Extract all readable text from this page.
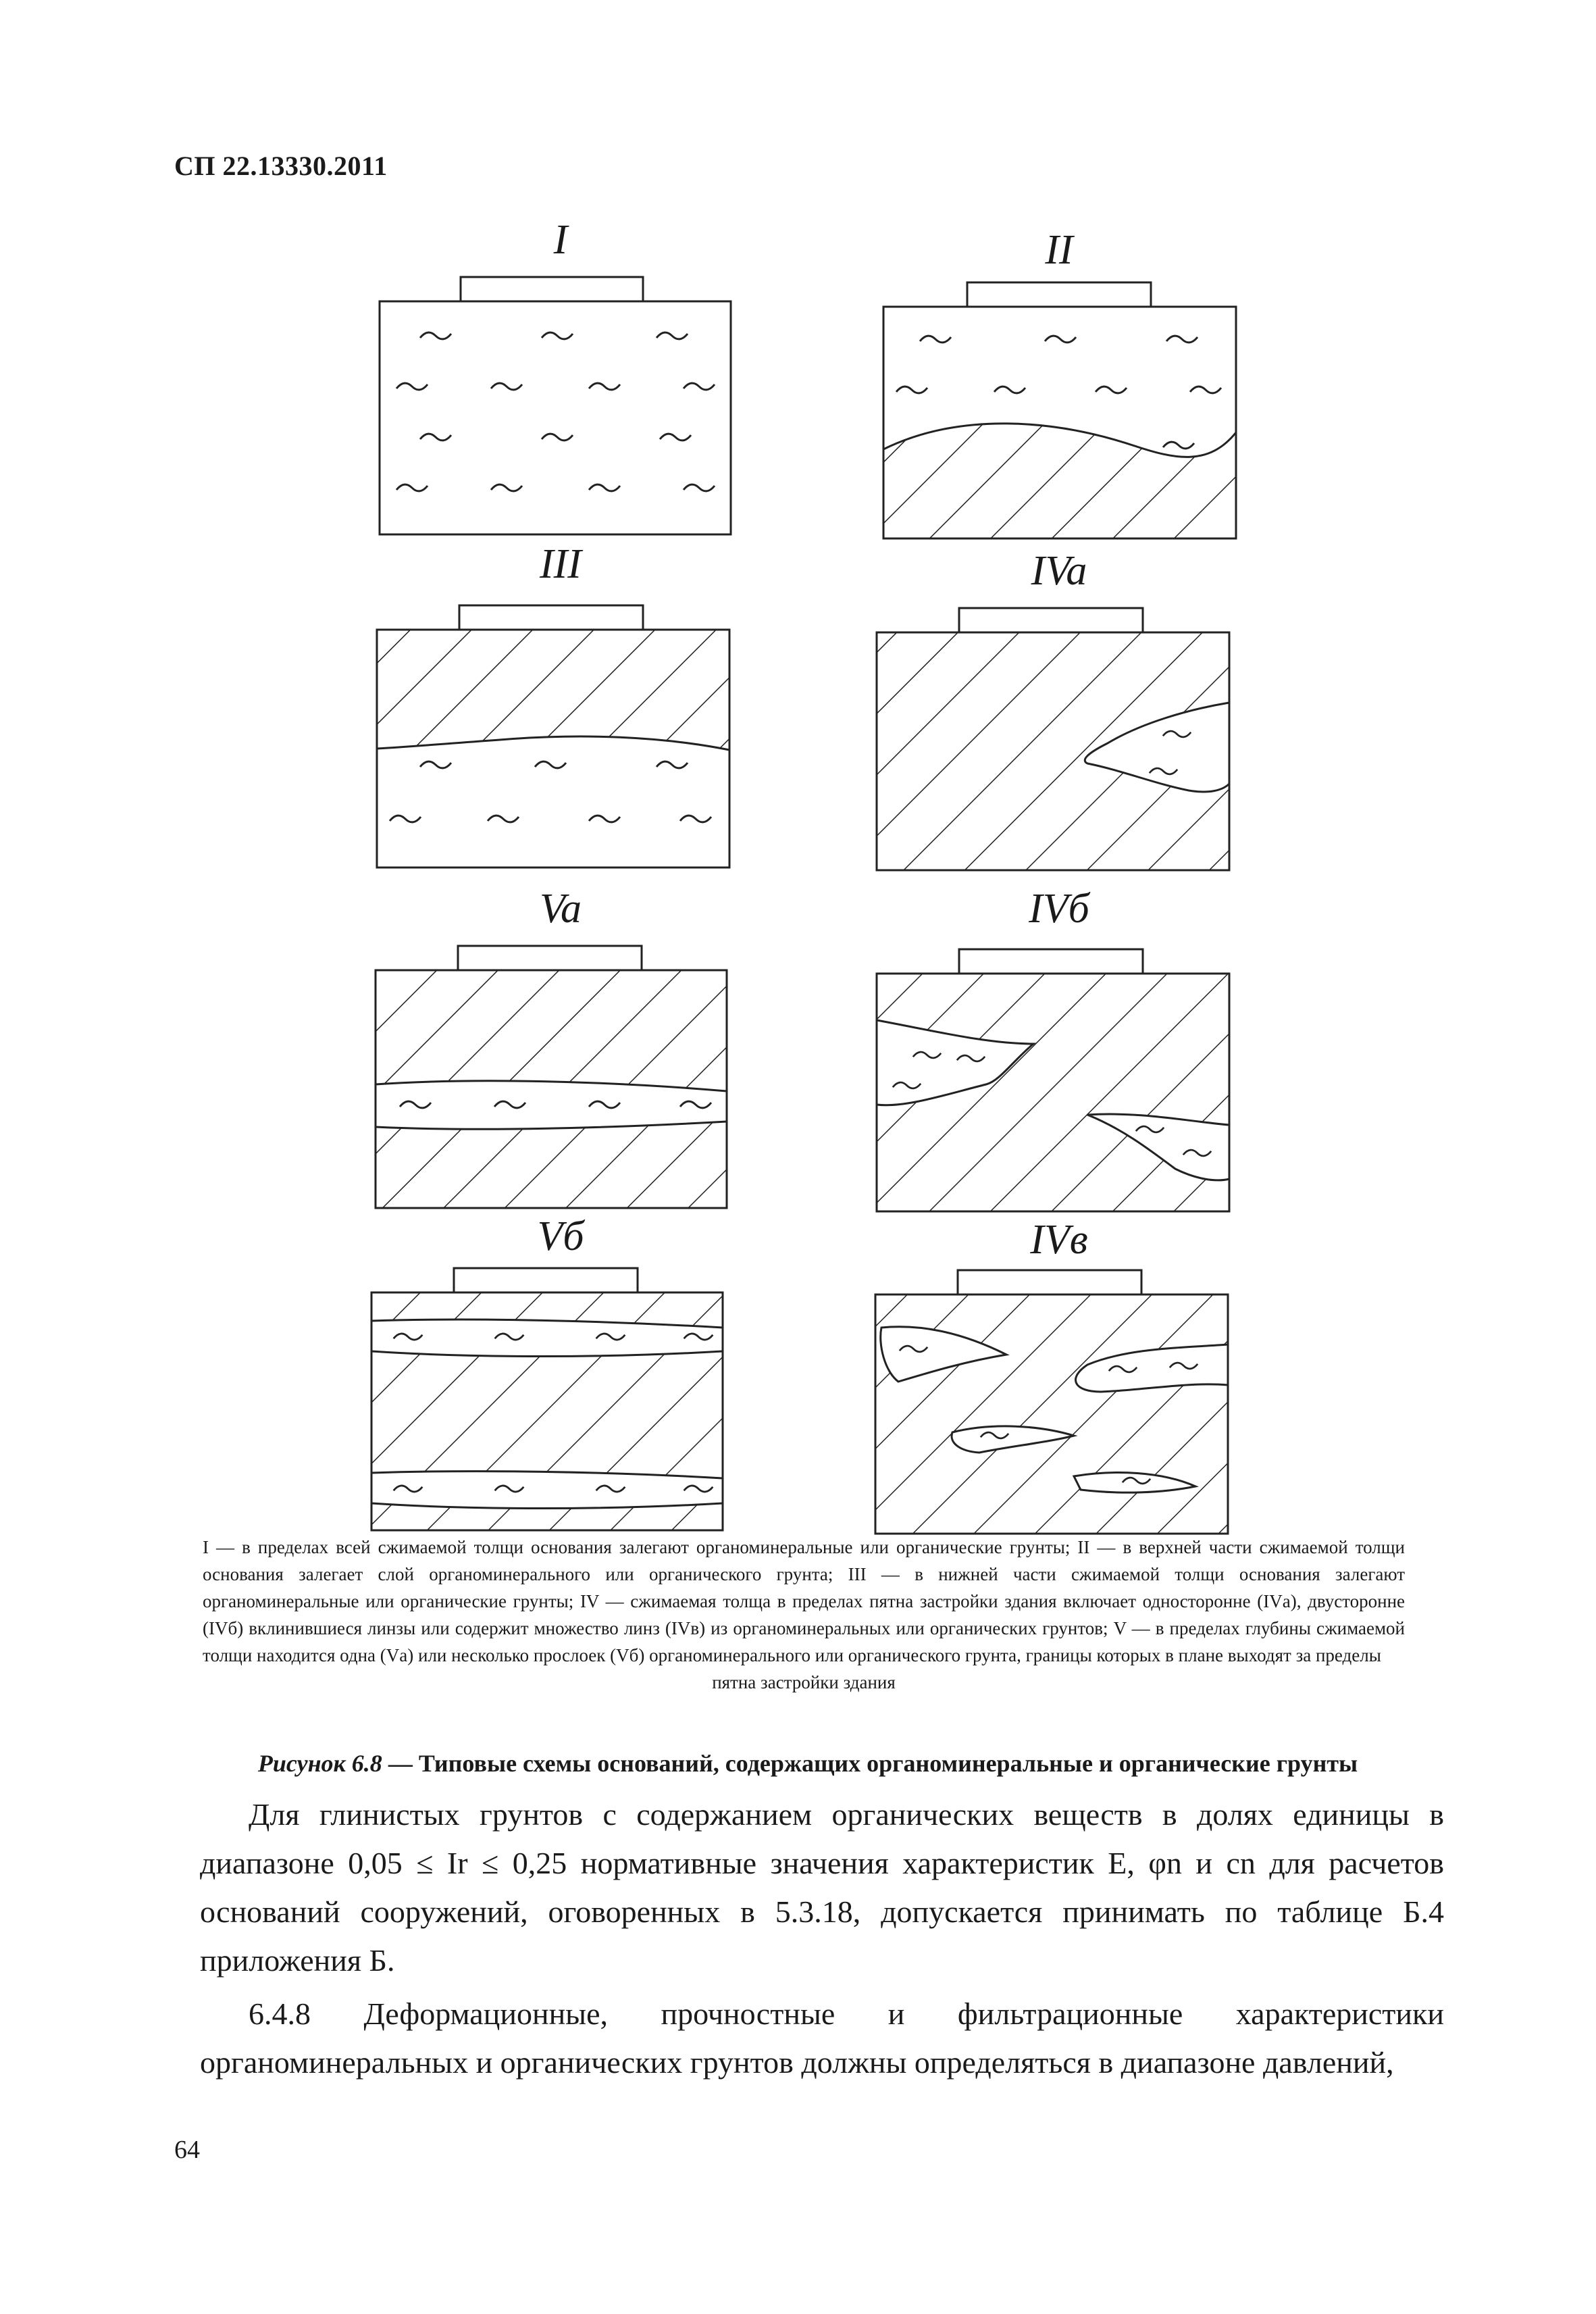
СП 22.13330.2011
I	II
III	IVa
Va	IVб
Vб	IVв
I — в пределах всей сжимаемой толщи основания залегают органоминеральные или органические грунты; II — в верхней части сжимаемой толщи основания залегает слой органоминерального или органического грунта; III — в нижней части сжимаемой толщи основания залегают органоминеральные или органические грунты; IV — сжимаемая толща в пределах пятна застройки здания включает односторонне (IVа), двусторонне (IVб) вклинившиеся линзы или содержит множество линз (IVв) из органоминеральных или органических грунтов; V — в пределах глубины сжимаемой толщи находится одна (Vа) или несколько прослоек (Vб) органоминерального или органического грунта, границы которых в плане выходят за пределы
пятна застройки здания
Рисунок 6.8 — Типовые схемы оснований, содержащих органоминеральные и органические грунты
Для глинистых грунтов с содержанием органических веществ в долях единицы в диапазоне 0,05 ≤ Ir ≤ 0,25 нормативные значения характеристик E, φn и cn для расчетов оснований сооружений, оговоренных в 5.3.18, допускается принимать по таблице Б.4 приложения Б.
6.4.8 Деформационные, прочностные и фильтрационные характеристики органоминеральных и органических грунтов должны определяться в диапазоне давлений,
64
